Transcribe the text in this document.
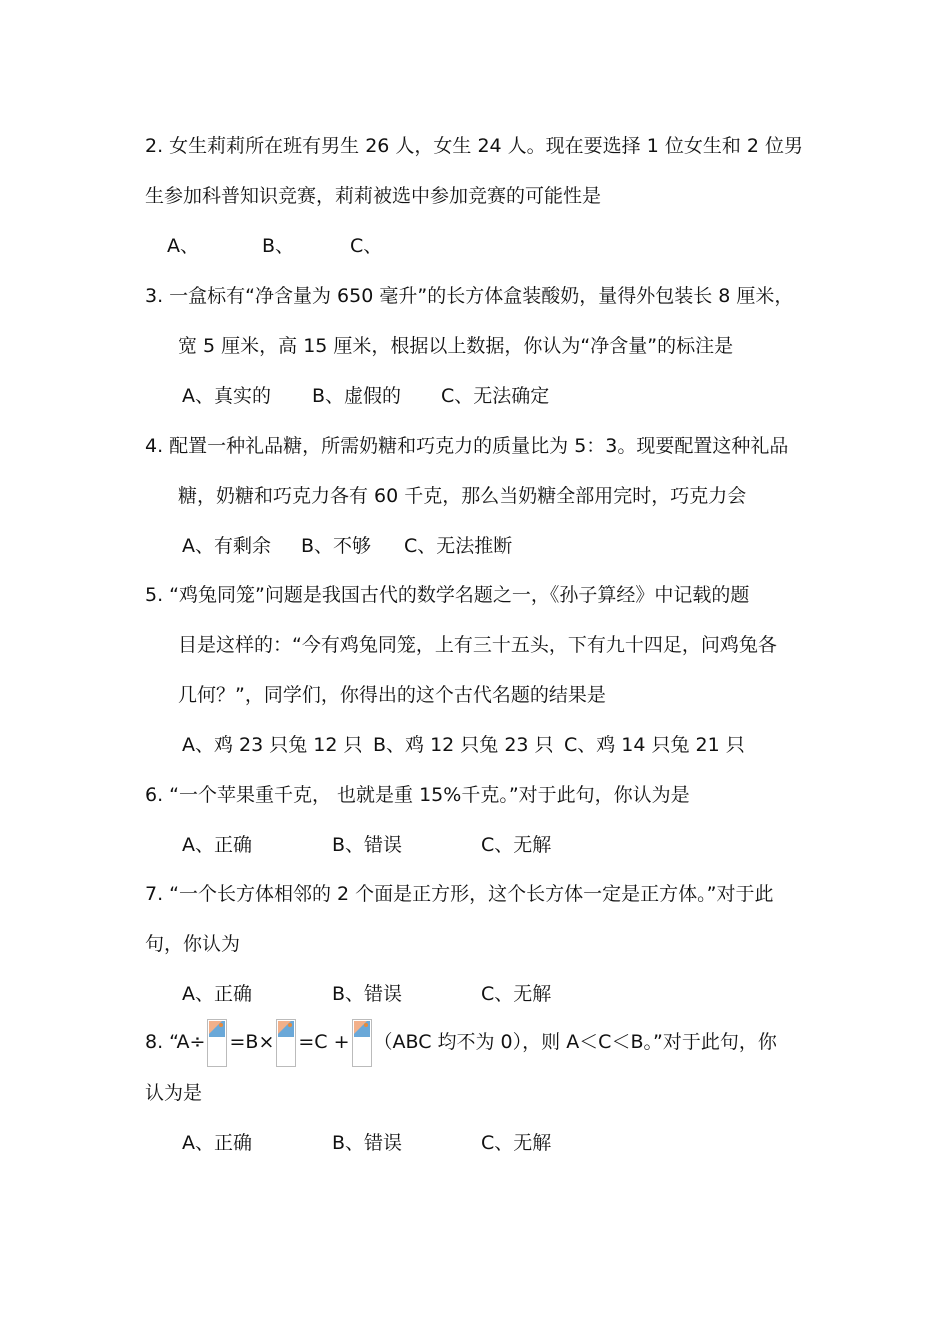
2. 女生莉莉所在班有男生 26 人，女生 24 人。现在要选择 1 位女生和 2 位男
生参加科普知识竞赛，莉莉被选中参加竞赛的可能性是
A、	B、	C、
3. 一盒标有“净含量为 650 毫升”的长方体盒装酸奶，量得外包装长 8 厘米，
宽 5 厘米，高 15 厘米，根据以上数据，你认为“净含量”的标注是
A、真实的 B、虚假的 C、无法确定
4. 配置一种礼品糖，所需奶糖和巧克力的质量比为 5：3。现要配置这种礼品
糖，奶糖和巧克力各有 60 千克，那么当奶糖全部用完时，巧克力会
A、有剩余 B、不够 C、无法推断
5. “鸡兔同笼”问题是我国古代的数学名题之一，《孙子算经》中记载的题
目是这样的：“今有鸡兔同笼，上有三十五头，下有九十四足，问鸡兔各
几何？”，同学们，你得出的这个古代名题的结果是
A、鸡 23 只兔 12 只 B、鸡 12 只兔 23 只 C、鸡 14 只兔 21 只
6. “一个苹果重千克， 也就是重 15%千克。”对于此句，你认为是
A、正确	B、错误	C、无解
7. “一个长方体相邻的 2 个面是正方形，这个长方体一定是正方体。”对于此
句，你认为
A、正确	B、错误	C、无解
8. “A÷ =B× =C + （ABC 均不为 0），则 A＜C＜B。”对于此句，你
认为是
A、正确	B、错误	C、无解
